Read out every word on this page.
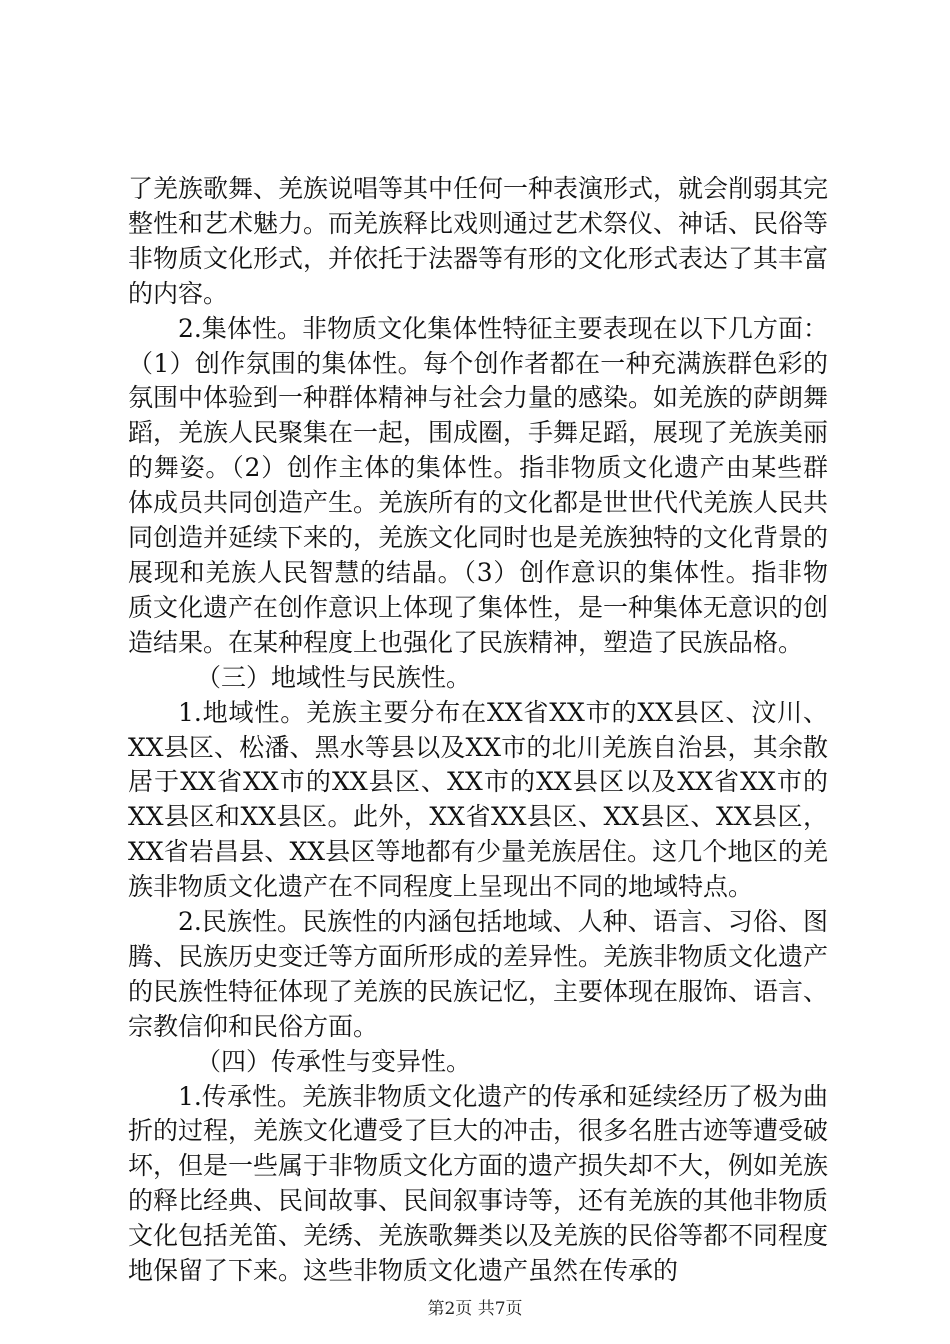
了羌族歌舞、羌族说唱等其中任何一种表演形式，就会削弱其完整性和艺术魅力。而羌族释比戏则通过艺术祭仪、神话、民俗等非物质文化形式，并依托于法器等有形的文化形式表达了其丰富的内容。

2.集体性。非物质文化集体性特征主要表现在以下几方面：（1）创作氛围的集体性。每个创作者都在一种充满族群色彩的氛围中体验到一种群体精神与社会力量的感染。如羌族的萨朗舞蹈，羌族人民聚集在一起，围成圈，手舞足蹈，展现了羌族美丽的舞姿。（2）创作主体的集体性。指非物质文化遗产由某些群体成员共同创造产生。羌族所有的文化都是世世代代羌族人民共同创造并延续下来的，羌族文化同时也是羌族独特的文化背景的展现和羌族人民智慧的结晶。（3）创作意识的集体性。指非物质文化遗产在创作意识上体现了集体性，是一种集体无意识的创造结果。在某种程度上也强化了民族精神，塑造了民族品格。

（三）地域性与民族性。

1.地域性。羌族主要分布在XX省XX市的XX县区、汶川、XX县区、松潘、黑水等县以及XX市的北川羌族自治县，其余散居于XX省XX市的XX县区、XX市的XX县区以及XX省XX市的XX县区和XX县区。此外，XX省XX县区、XX县区、XX县区，XX省岩昌县、XX县区等地都有少量羌族居住。这几个地区的羌族非物质文化遗产在不同程度上呈现出不同的地域特点。

2.民族性。民族性的内涵包括地域、人种、语言、习俗、图腾、民族历史变迁等方面所形成的差异性。羌族非物质文化遗产的民族性特征体现了羌族的民族记忆，主要体现在服饰、语言、宗教信仰和民俗方面。

（四）传承性与变异性。

1.传承性。羌族非物质文化遗产的传承和延续经历了极为曲折的过程，羌族文化遭受了巨大的冲击，很多名胜古迹等遭受破坏，但是一些属于非物质文化方面的遗产损失却不大，例如羌族的释比经典、民间故事、民间叙事诗等，还有羌族的其他非物质文化包括羌笛、羌绣、羌族歌舞类以及羌族的民俗等都不同程度地保留了下来。这些非物质文化遗产虽然在传承的

第2页 共7页
